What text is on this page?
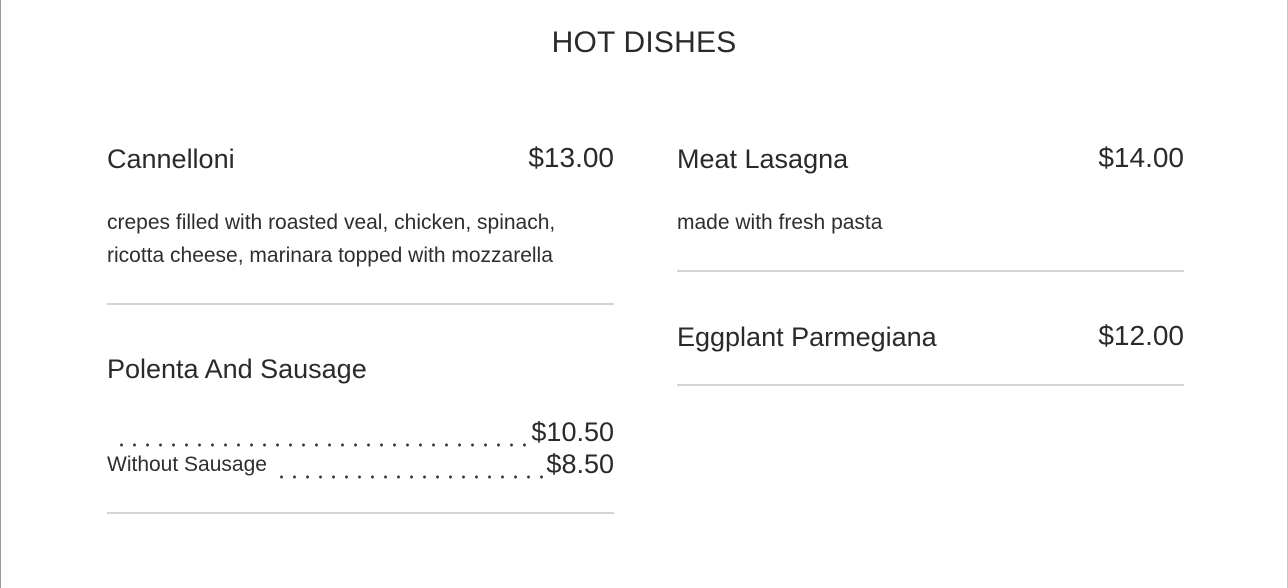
HOT DISHES
Cannelloni	$13.00
crepes filled with roasted veal, chicken, spinach,
ricotta cheese, marinara topped with mozzarella
Polenta And Sausage
$10.50
Without Sausage	$8.50
Meat Lasagna	$14.00
made with fresh pasta
Eggplant Parmegiana	$12.00
